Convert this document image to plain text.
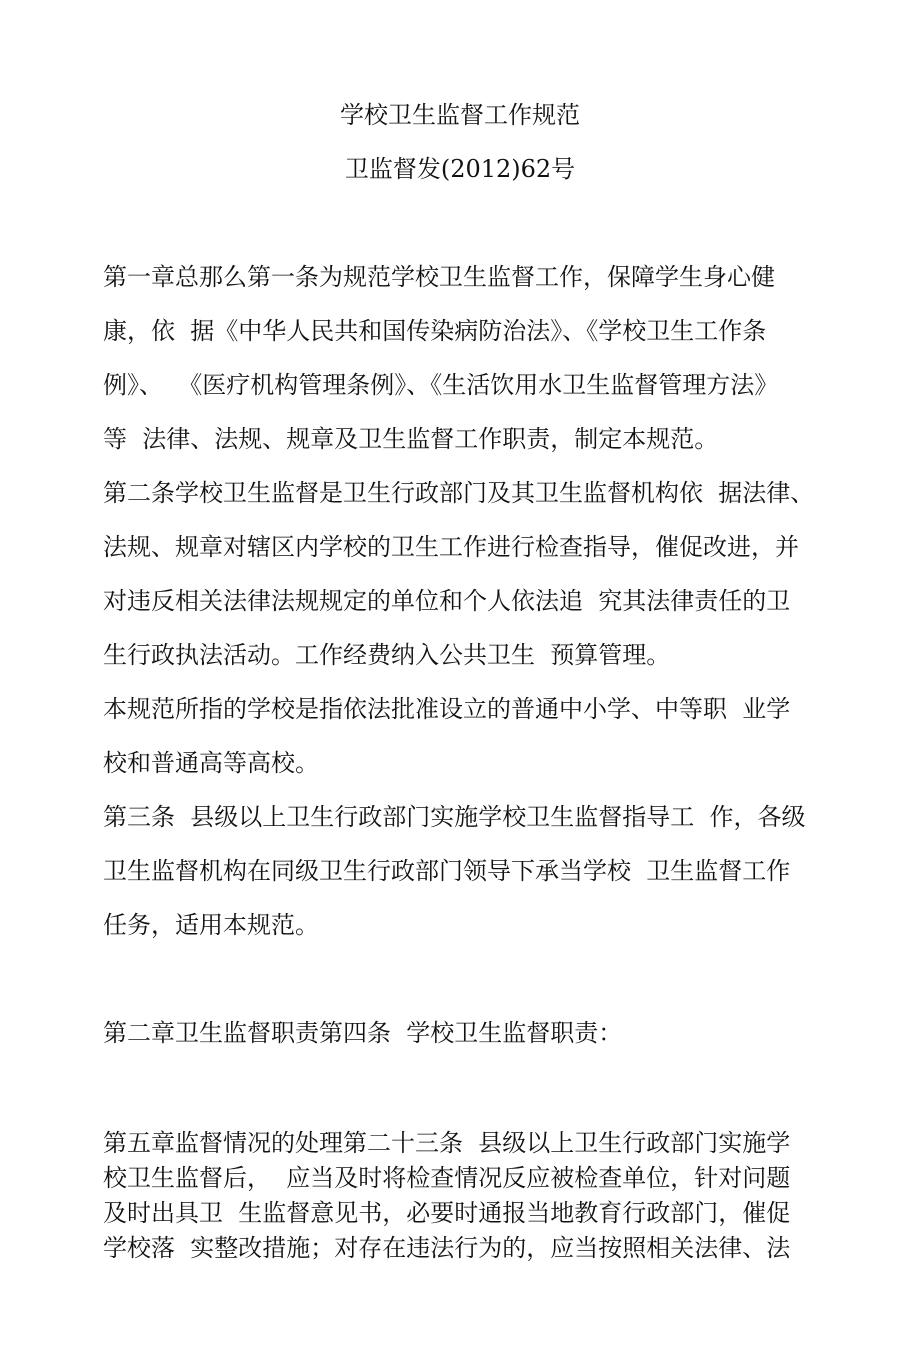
学校卫生监督工作规范
卫监督发(2012)62号
第一章总那么第一条为规范学校卫生监督工作，保障学生身心健
康，依  据《中华人民共和国传染病防治法》、《学校卫生工作条
例》、  《医疗机构管理条例》、《生活饮用水卫生监督管理方法》
等  法律、法规、规章及卫生监督工作职责，制定本规范。
第二条学校卫生监督是卫生行政部门及其卫生监督机构依  据法律、
法规、规章对辖区内学校的卫生工作进行检查指导，催促改进，并
对违反相关法律法规规定的单位和个人依法追  究其法律责任的卫
生行政执法活动。工作经费纳入公共卫生  预算管理。
本规范所指的学校是指依法批准设立的普通中小学、中等职  业学
校和普通高等高校。
第三条  县级以上卫生行政部门实施学校卫生监督指导工  作，各级
卫生监督机构在同级卫生行政部门领导下承当学校  卫生监督工作
任务，适用本规范。
第二章卫生监督职责第四条  学校卫生监督职责：
第五章监督情况的处理第二十三条  县级以上卫生行政部门实施学
校卫生监督后，  应当及时将检查情况反应被检查单位，针对问题
及时出具卫  生监督意见书，必要时通报当地教育行政部门，催促
学校落  实整改措施；对存在违法行为的，应当按照相关法律、法
